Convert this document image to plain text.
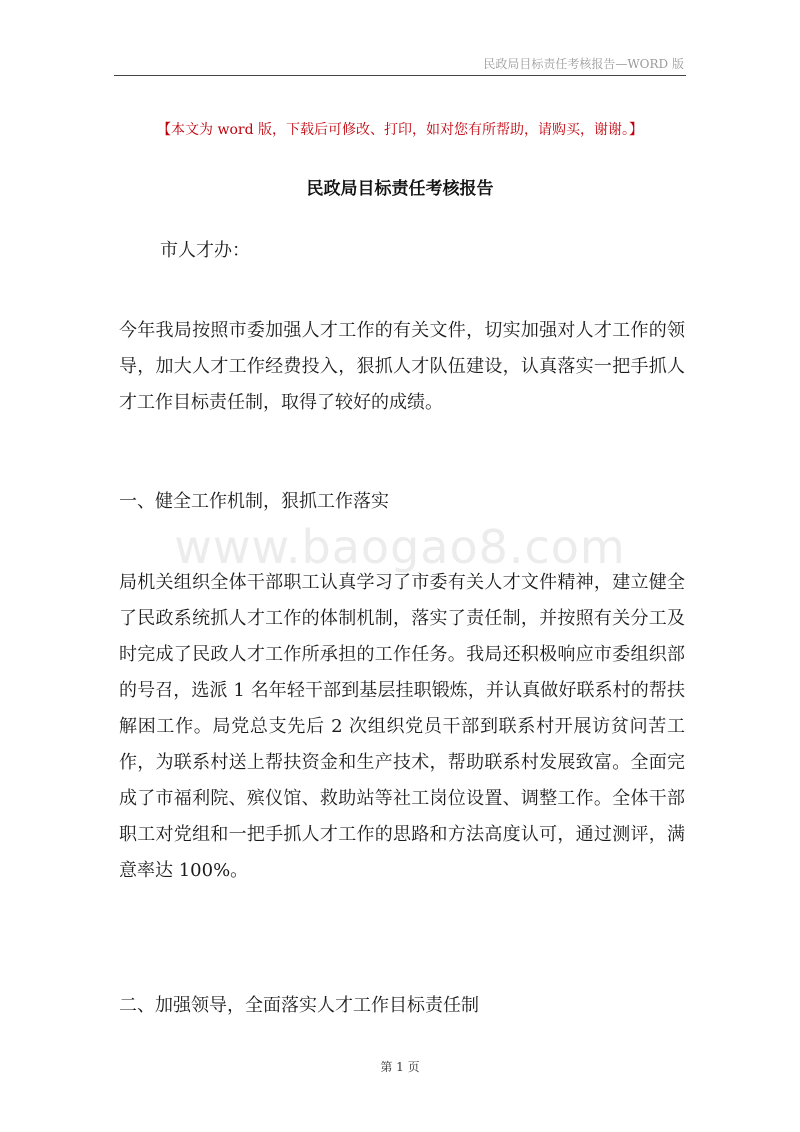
民政局目标责任考核报告—WORD 版
【本文为 word 版，下载后可修改、打印，如对您有所帮助，请购买，谢谢。】
民政局目标责任考核报告
市人才办：

今年我局按照市委加强人才工作的有关文件，切实加强对人才工作的领导，加大人才工作经费投入，狠抓人才队伍建设，认真落实一把手抓人才工作目标责任制，取得了较好的成绩。

一、健全工作机制，狠抓工作落实
www.baogao8.com

局机关组织全体干部职工认真学习了市委有关人才文件精神，建立健全了民政系统抓人才工作的体制机制，落实了责任制，并按照有关分工及时完成了民政人才工作所承担的工作任务。我局还积极响应市委组织部的号召，选派 1 名年轻干部到基层挂职锻炼，并认真做好联系村的帮扶解困工作。局党总支先后 2 次组织党员干部到联系村开展访贫问苦工作，为联系村送上帮扶资金和生产技术，帮助联系村发展致富。全面完成了市福利院、殡仪馆、救助站等社工岗位设置、调整工作。全体干部职工对党组和一把手抓人才工作的思路和方法高度认可，通过测评，满意率达 100%。

二、加强领导，全面落实人才工作目标责任制
第 1 页
